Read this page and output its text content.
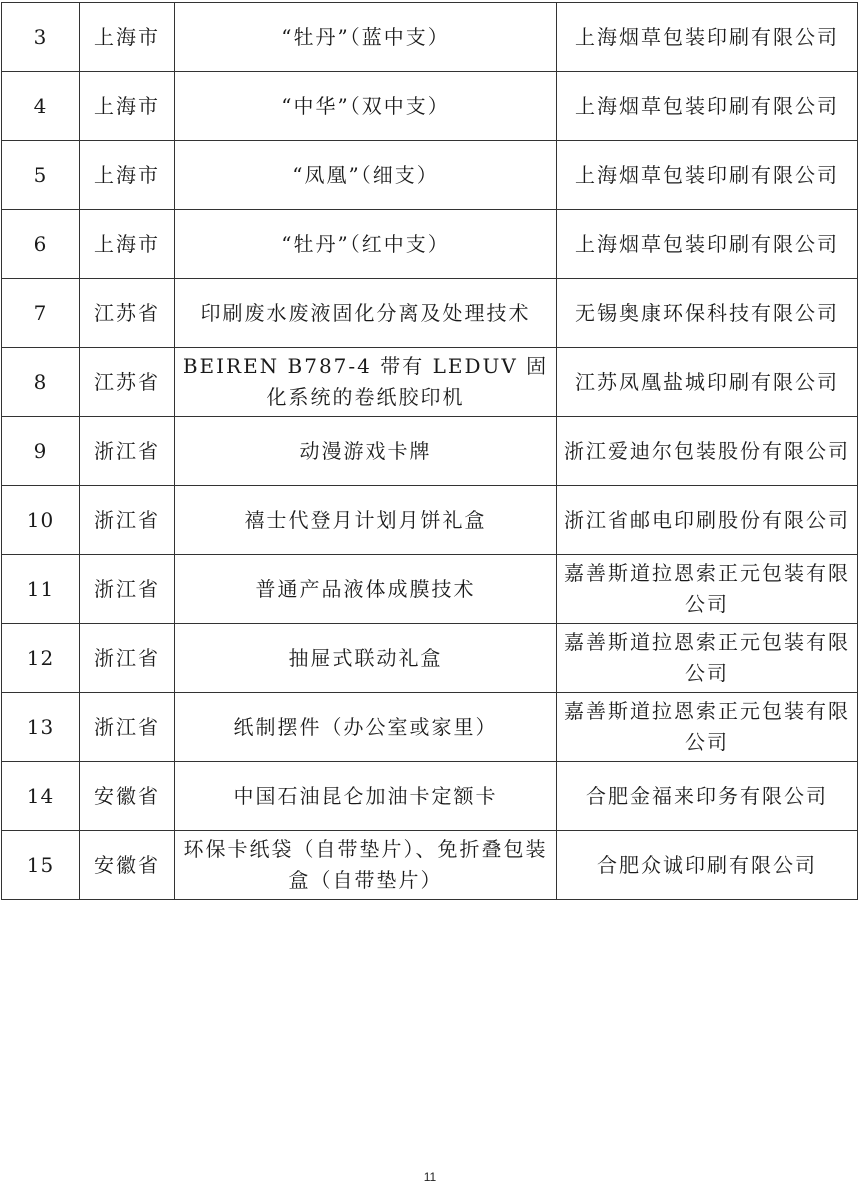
3	上海市	“牡丹”（蓝中支）	上海烟草包装印刷有限公司
4	上海市	“中华”（双中支）	上海烟草包装印刷有限公司
5	上海市	“凤凰”（细支）	上海烟草包装印刷有限公司
6	上海市	“牡丹”（红中支）	上海烟草包装印刷有限公司
7	江苏省	印刷废水废液固化分离及处理技术	无锡奥康环保科技有限公司
8	江苏省	BEIREN B787-4 带有 LEDUV 固化系统的卷纸胶印机	江苏凤凰盐城印刷有限公司
9	浙江省	动漫游戏卡牌	浙江爱迪尔包装股份有限公司
10	浙江省	禧士代登月计划月饼礼盒	浙江省邮电印刷股份有限公司
11	浙江省	普通产品液体成膜技术	嘉善斯道拉恩索正元包装有限公司
12	浙江省	抽屉式联动礼盒	嘉善斯道拉恩索正元包装有限公司
13	浙江省	纸制摆件（办公室或家里）	嘉善斯道拉恩索正元包装有限公司
14	安徽省	中国石油昆仑加油卡定额卡	合肥金福来印务有限公司
15	安徽省	环保卡纸袋（自带垫片）、免折叠包装盒（自带垫片）	合肥众诚印刷有限公司
11
